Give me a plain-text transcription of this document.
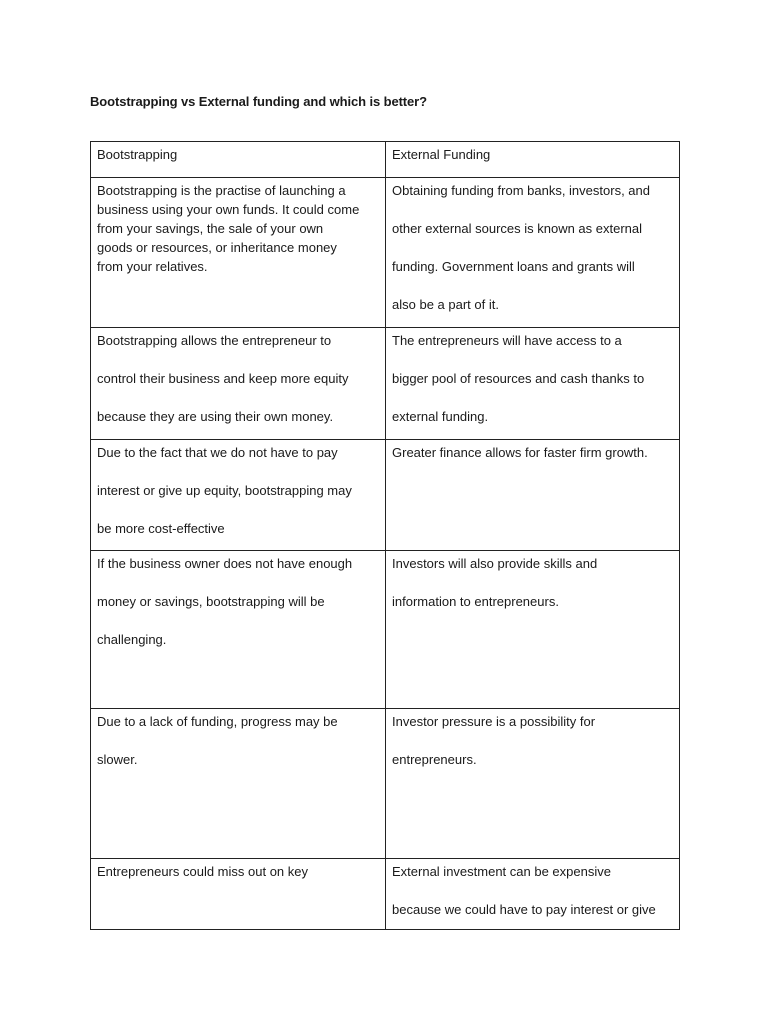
Bootstrapping vs External funding and which is better?
Bootstrapping	External Funding

Bootstrapping is the practise of launching a
business using your own funds. It could come
from your savings, the sale of your own
goods or resources, or inheritance money
from your relatives.	Obtaining funding from banks, investors, and
other external sources is known as external
funding. Government loans and grants will
also be a part of it.

Bootstrapping allows the entrepreneur to
control their business and keep more equity
because they are using their own money.	The entrepreneurs will have access to a
bigger pool of resources and cash thanks to
external funding.

Due to the fact that we do not have to pay
interest or give up equity, bootstrapping may
be more cost-effective	Greater finance allows for faster firm growth.

If the business owner does not have enough
money or savings, bootstrapping will be
challenging.	Investors will also provide skills and
information to entrepreneurs.

Due to a lack of funding, progress may be
slower.	Investor pressure is a possibility for
entrepreneurs.

Entrepreneurs could miss out on key	External investment can be expensive
because we could have to pay interest or give
